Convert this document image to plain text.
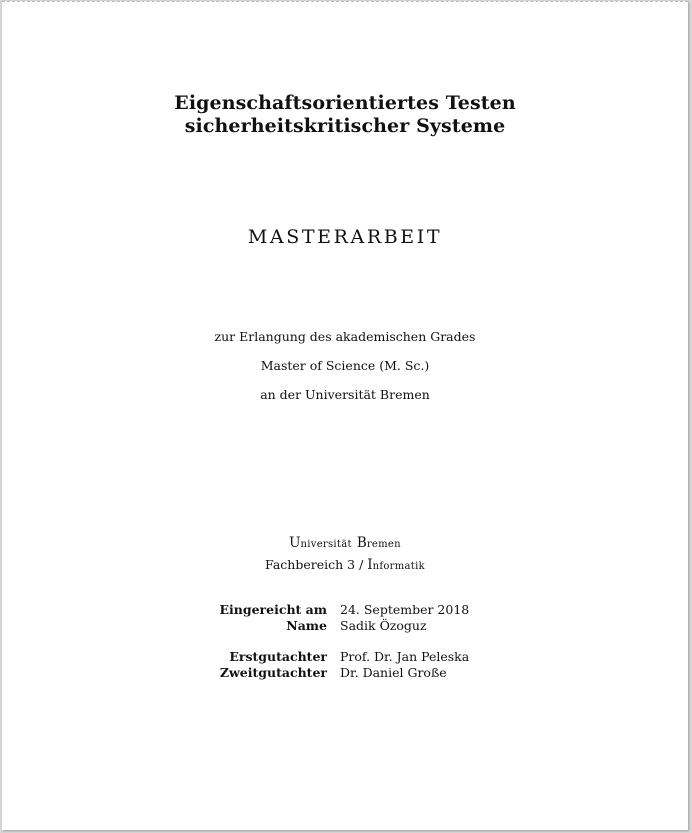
Eigenschaftsorientiertes Testen
sicherheitskritischer Systeme
MASTERARBEIT
zur Erlangung des akademischen Grades
Master of Science (M. Sc.)
an der Universität Bremen
Universität Bremen
Fachbereich 3 / Informatik
Eingereicht am 24. September 2018
Name Sadik Özoguz
Erstgutachter Prof. Dr. Jan Peleska
Zweitgutachter Dr. Daniel Große
